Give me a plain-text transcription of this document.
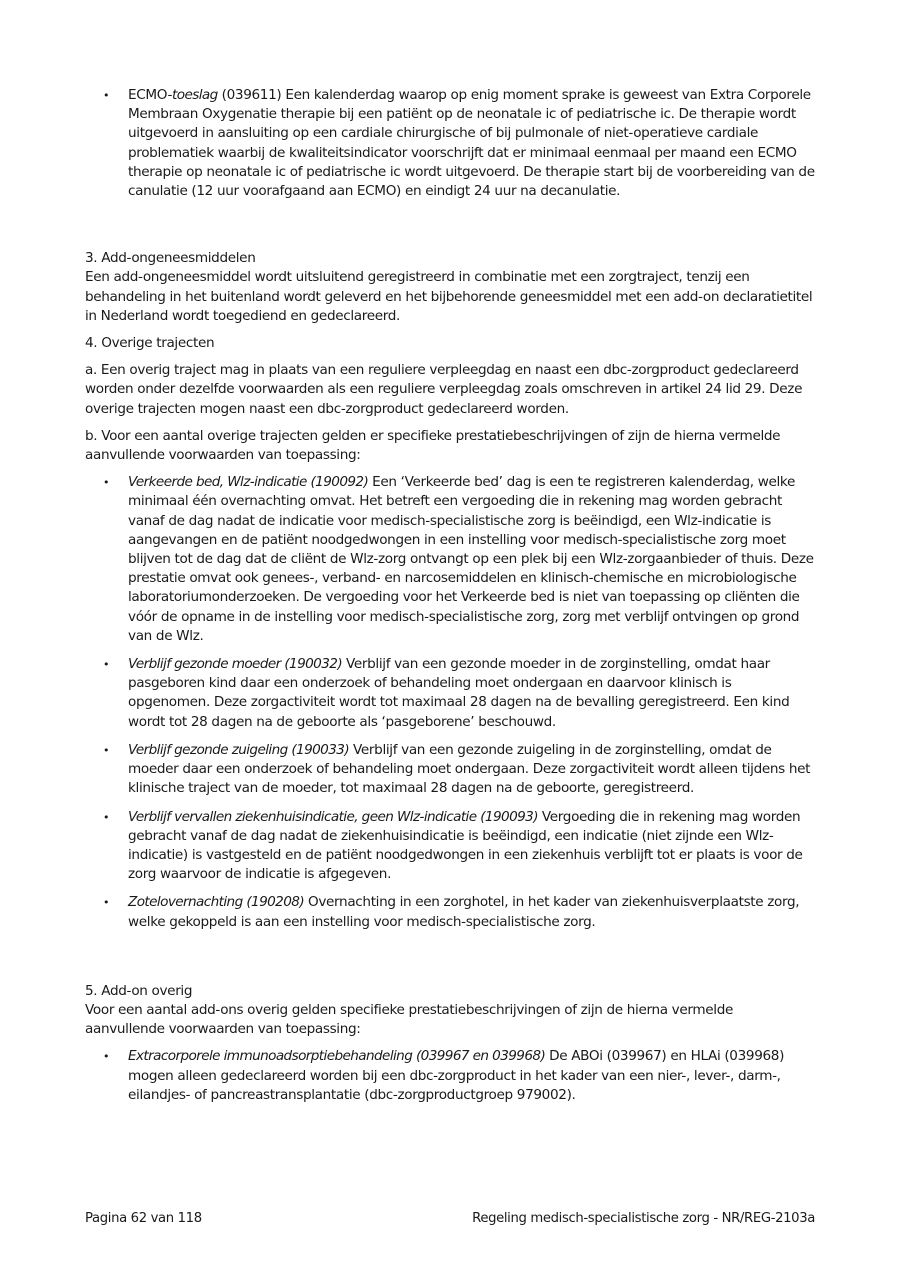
• ECMO-toeslag (039611) Een kalenderdag waarop op enig moment sprake is geweest van Extra Corporele Membraan Oxygenatie therapie bij een patiënt op de neonatale ic of pediatrische ic. De therapie wordt uitgevoerd in aansluiting op een cardiale chirurgische of bij pulmonale of niet-operatieve cardiale problematiek waarbij de kwaliteitsindicator voorschrijft dat er minimaal eenmaal per maand een ECMO therapie op neonatale ic of pediatrische ic wordt uitgevoerd. De therapie start bij de voorbereiding van de canulatie (12 uur voorafgaand aan ECMO) en eindigt 24 uur na decanulatie.

3. Add-ongeneesmiddelen

Een add-ongeneesmiddel wordt uitsluitend geregistreerd in combinatie met een zorgtraject, tenzij een behandeling in het buitenland wordt geleverd en het bijbehorende geneesmiddel met een add-on declaratietitel in Nederland wordt toegediend en gedeclareerd.

4. Overige trajecten

a. Een overig traject mag in plaats van een reguliere verpleegdag en naast een dbc-zorgproduct gedeclareerd worden onder dezelfde voorwaarden als een reguliere verpleegdag zoals omschreven in artikel 24 lid 29. Deze overige trajecten mogen naast een dbc-zorgproduct gedeclareerd worden.

b. Voor een aantal overige trajecten gelden er specifieke prestatiebeschrijvingen of zijn de hierna vermelde aanvullende voorwaarden van toepassing:

• Verkeerde bed, Wlz-indicatie (190092) Een ‘Verkeerde bed’ dag is een te registreren kalenderdag, welke minimaal één overnachting omvat. Het betreft een vergoeding die in rekening mag worden gebracht vanaf de dag nadat de indicatie voor medisch-specialistische zorg is beëindigd, een Wlz-indicatie is aangevangen en de patiënt noodgedwongen in een instelling voor medisch-specialistische zorg moet blijven tot de dag dat de cliënt de Wlz-zorg ontvangt op een plek bij een Wlz-zorgaanbieder of thuis. Deze prestatie omvat ook genees-, verband- en narcosemiddelen en klinisch-chemische en microbiologische laboratoriumonderzoeken. De vergoeding voor het Verkeerde bed is niet van toepassing op cliënten die vóór de opname in de instelling voor medisch-specialistische zorg, zorg met verblijf ontvingen op grond van de Wlz.
• Verblijf gezonde moeder (190032) Verblijf van een gezonde moeder in de zorginstelling, omdat haar pasgeboren kind daar een onderzoek of behandeling moet ondergaan en daarvoor klinisch is opgenomen. Deze zorgactiviteit wordt tot maximaal 28 dagen na de bevalling geregistreerd. Een kind wordt tot 28 dagen na de geboorte als ‘pasgeborene’ beschouwd.
• Verblijf gezonde zuigeling (190033) Verblijf van een gezonde zuigeling in de zorginstelling, omdat de moeder daar een onderzoek of behandeling moet ondergaan. Deze zorgactiviteit wordt alleen tijdens het klinische traject van de moeder, tot maximaal 28 dagen na de geboorte, geregistreerd.
• Verblijf vervallen ziekenhuisindicatie, geen Wlz-indicatie (190093) Vergoeding die in rekening mag worden gebracht vanaf de dag nadat de ziekenhuisindicatie is beëindigd, een indicatie (niet zijnde een Wlz-indicatie) is vastgesteld en de patiënt noodgedwongen in een ziekenhuis verblijft tot er plaats is voor de zorg waarvoor de indicatie is afgegeven.
• Zotelovernachting (190208) Overnachting in een zorghotel, in het kader van ziekenhuisverplaatste zorg, welke gekoppeld is aan een instelling voor medisch-specialistische zorg.

5. Add-on overig

Voor een aantal add-ons overig gelden specifieke prestatiebeschrijvingen of zijn de hierna vermelde aanvullende voorwaarden van toepassing:

• Extracorporele immunoadsorptiebehandeling (039967 en 039968) De ABOi (039967) en HLAi (039968) mogen alleen gedeclareerd worden bij een dbc-zorgproduct in het kader van een nier-, lever-, darm-, eilandjes- of pancreastransplantatie (dbc-zorgproductgroep 979002).
Pagina 62 van 118	Regeling medisch-specialistische zorg - NR/REG-2103a
